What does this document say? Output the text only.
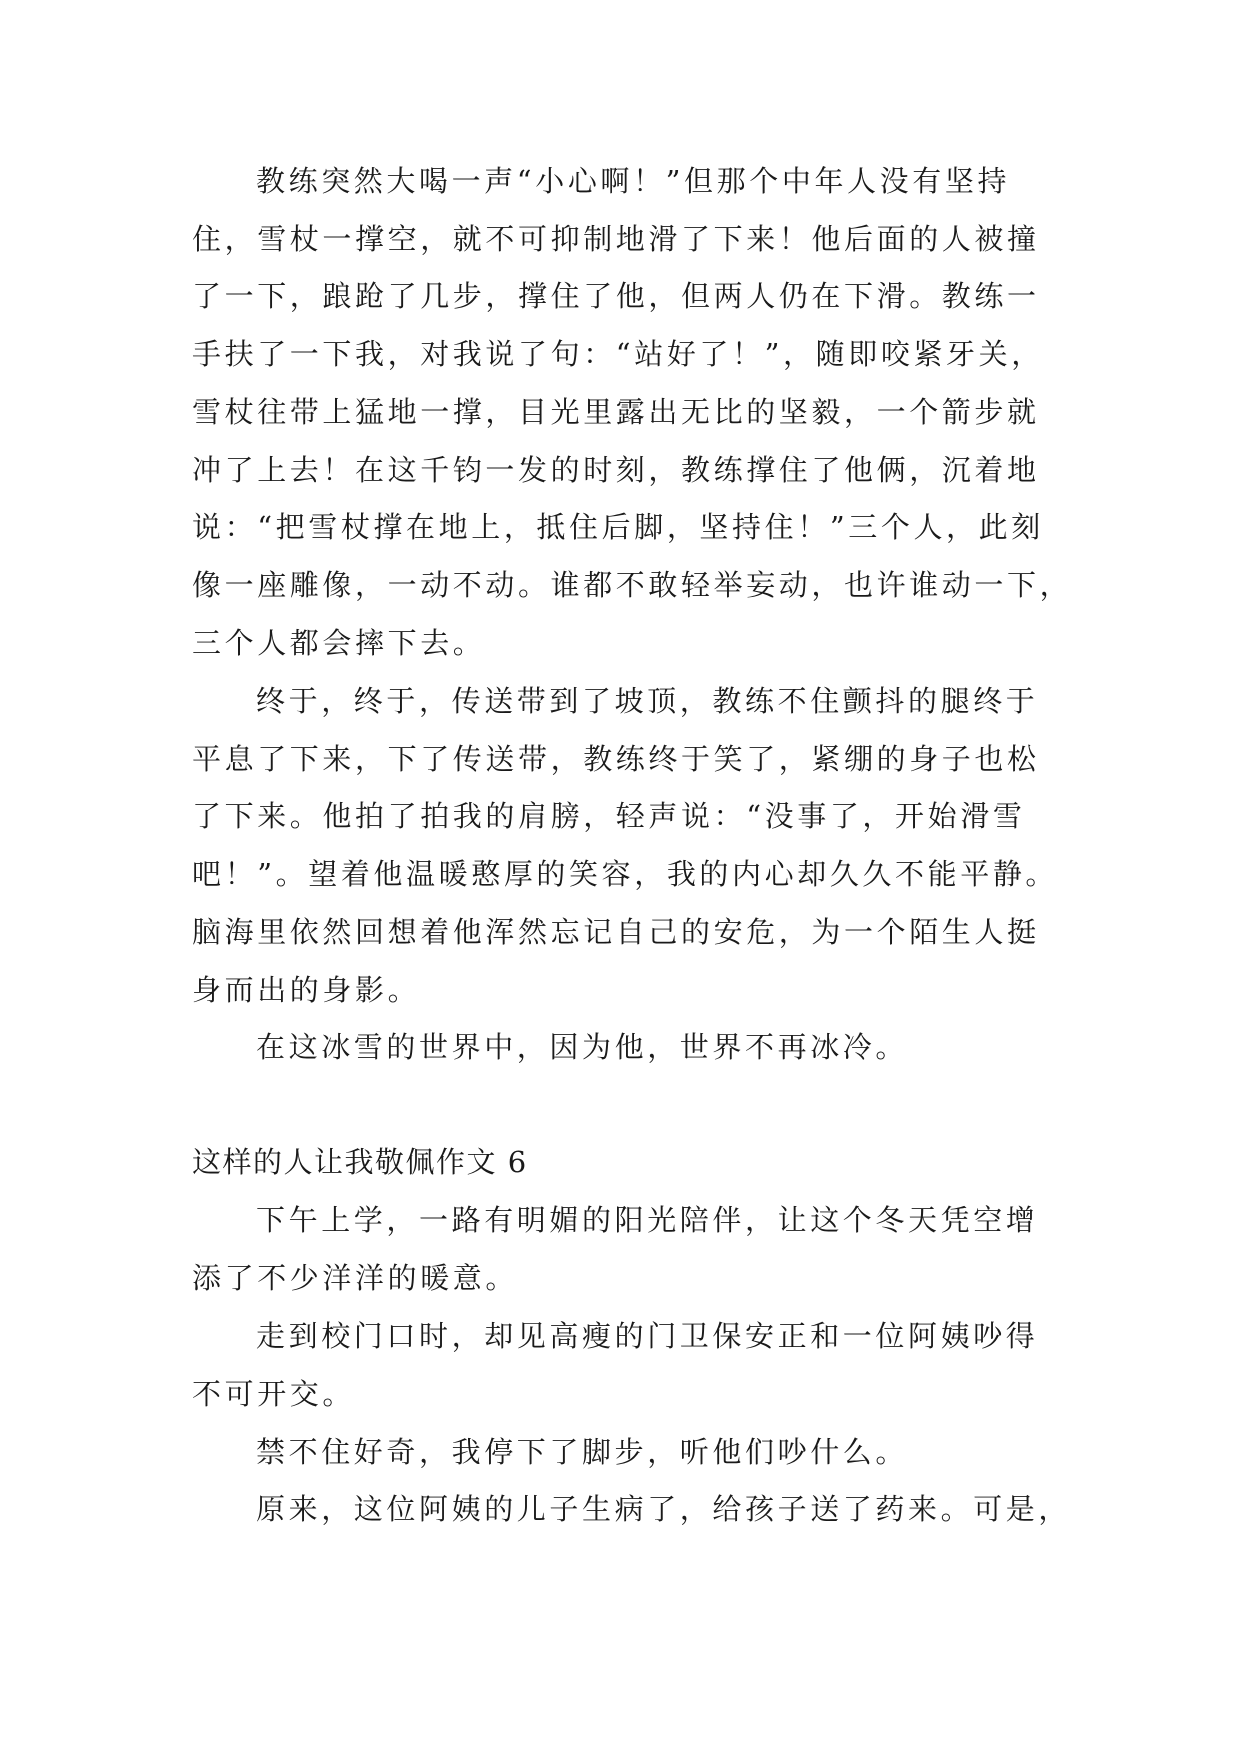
教练突然大喝一声“小心啊！”但那个中年人没有坚持
住，雪杖一撑空，就不可抑制地滑了下来！他后面的人被撞
了一下，踉跄了几步，撑住了他，但两人仍在下滑。教练一
手扶了一下我，对我说了句：“站好了！”，随即咬紧牙关，
雪杖往带上猛地一撑，目光里露出无比的坚毅，一个箭步就
冲了上去！在这千钧一发的时刻，教练撑住了他俩，沉着地
说：“把雪杖撑在地上，抵住后脚，坚持住！”三个人，此刻
像一座雕像，一动不动。谁都不敢轻举妄动，也许谁动一下，
三个人都会摔下去。
终于，终于，传送带到了坡顶，教练不住颤抖的腿终于
平息了下来，下了传送带，教练终于笑了，紧绷的身子也松
了下来。他拍了拍我的肩膀，轻声说：“没事了，开始滑雪
吧！”。望着他温暖憨厚的笑容，我的内心却久久不能平静。
脑海里依然回想着他浑然忘记自己的安危，为一个陌生人挺
身而出的身影。
在这冰雪的世界中，因为他，世界不再冰冷。
这样的人让我敬佩作文 6
下午上学，一路有明媚的阳光陪伴，让这个冬天凭空增
添了不少洋洋的暖意。
走到校门口时，却见高瘦的门卫保安正和一位阿姨吵得
不可开交。
禁不住好奇，我停下了脚步，听他们吵什么。
原来，这位阿姨的儿子生病了，给孩子送了药来。可是，
